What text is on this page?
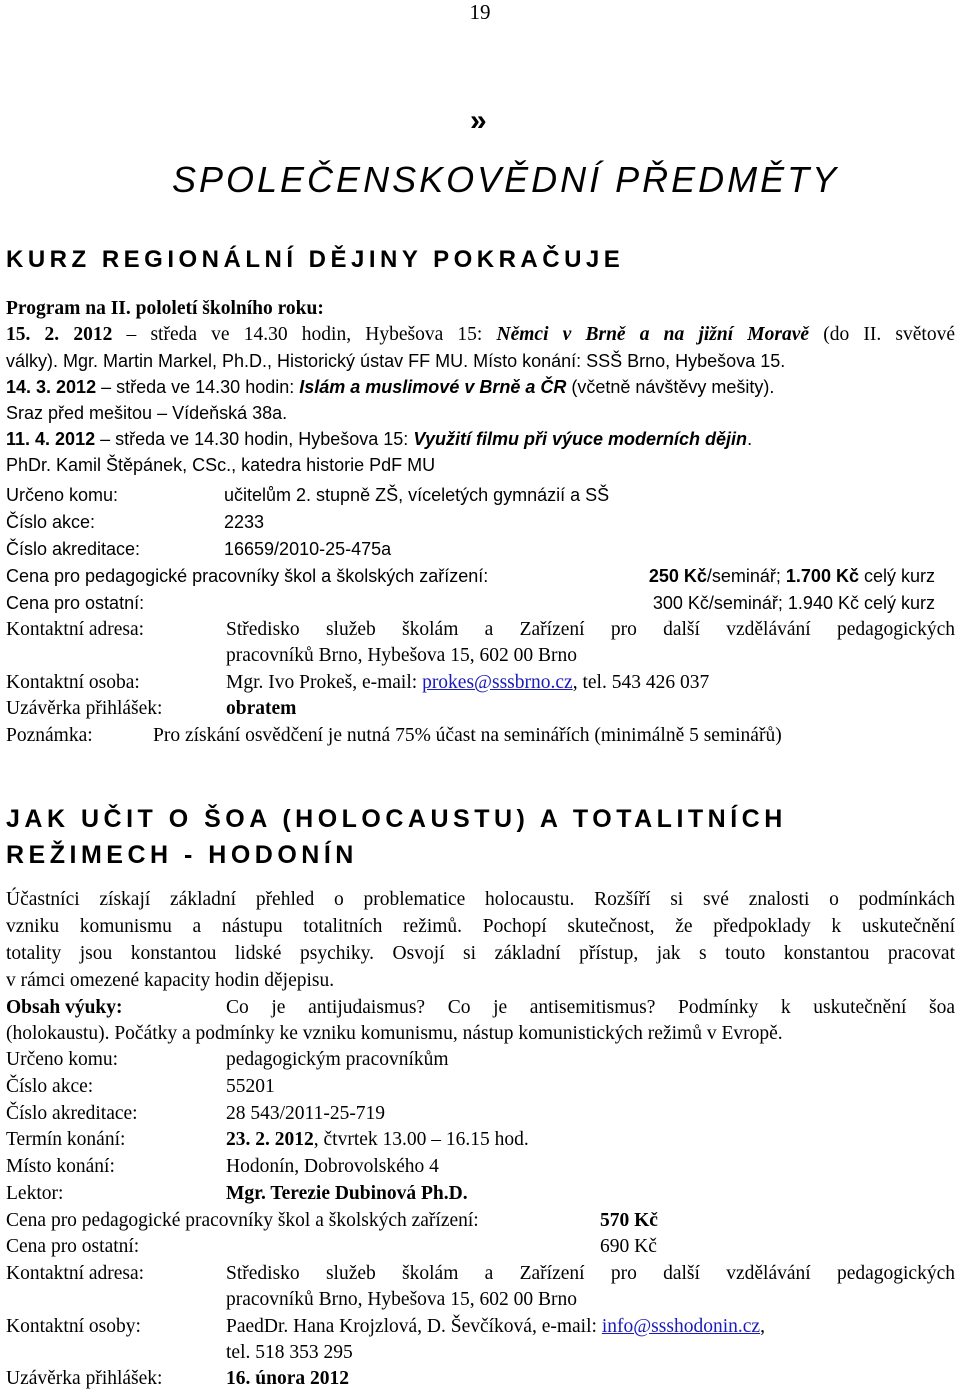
19
»
SPOLEČENSKOVĚDNÍ PŘEDMĚTY
KURZ REGIONÁLNÍ DĚJINY POKRAČUJE
Program na II. pololetí školního roku:
15. 2. 2012 – středa ve 14.30 hodin, Hybešova 15: Němci v Brně a na jižní Moravě (do II. světové
války). Mgr. Martin Markel, Ph.D., Historický ústav FF MU. Místo konání: SSŠ Brno, Hybešova 15.
14. 3. 2012 – středa ve 14.30 hodin: Islám a muslimové v Brně a ČR (včetně návštěvy mešity).
Sraz před mešitou – Vídeňská 38a.
11. 4. 2012 – středa ve 14.30 hodin, Hybešova 15: Využití filmu při výuce moderních dějin.
PhDr. Kamil Štěpánek, CSc., katedra historie PdF MU
Určeno komu:	učitelům 2. stupně ZŠ, víceletých gymnázií a SŠ
Číslo akce:	2233
Číslo akreditace:	16659/2010-25-475a
Cena pro pedagogické pracovníky škol a školských zařízení:	250 Kč/seminář; 1.700 Kč celý kurz
Cena pro ostatní:	300 Kč/seminář; 1.940 Kč celý kurz
Kontaktní adresa:	Středisko služeb školám a Zařízení pro další vzdělávání pedagogických
pracovníků Brno, Hybešova 15, 602 00 Brno
Kontaktní osoba:	Mgr. Ivo Prokeš, e-mail: prokes@sssbrno.cz, tel. 543 426 037
Uzávěrka přihlášek:	obratem
Poznámka:	Pro získání osvědčení je nutná 75% účast na seminářích (minimálně 5 seminářů)
JAK UČIT O ŠOA (HOLOCAUSTU) A TOTALITNÍCH REŽIMECH - HODONÍN
Účastníci získají základní přehled o problematice holocaustu. Rozšíří si své znalosti o podmínkách
vzniku komunismu a nástupu totalitních režimů. Pochopí skutečnost, že předpoklady k uskutečnění
totality jsou konstantou lidské psychiky. Osvojí si základní přístup, jak s touto konstantou pracovat
v rámci omezené kapacity hodin dějepisu.
Obsah výuky:	Co je antijudaismus? Co je antisemitismus? Podmínky k uskutečnění šoa
(holokaustu). Počátky a podmínky ke vzniku komunismu, nástup komunistických režimů v Evropě.
Určeno komu:	pedagogickým pracovníkům
Číslo akce:	55201
Číslo akreditace:	28 543/2011-25-719
Termín konání:	23. 2. 2012, čtvrtek 13.00 – 16.15 hod.
Místo konání:	Hodonín, Dobrovolského 4
Lektor:	Mgr. Terezie Dubinová Ph.D.
Cena pro pedagogické pracovníky škol a školských zařízení:	570 Kč
Cena pro ostatní:	690 Kč
Kontaktní adresa:	Středisko služeb školám a Zařízení pro další vzdělávání pedagogických
pracovníků Brno, Hybešova 15, 602 00 Brno
Kontaktní osoby:	PaedDr. Hana Krojzlová, D. Ševčíková, e-mail: info@ssshodonin.cz,
tel. 518 353 295
Uzávěrka přihlášek:	16. února 2012
